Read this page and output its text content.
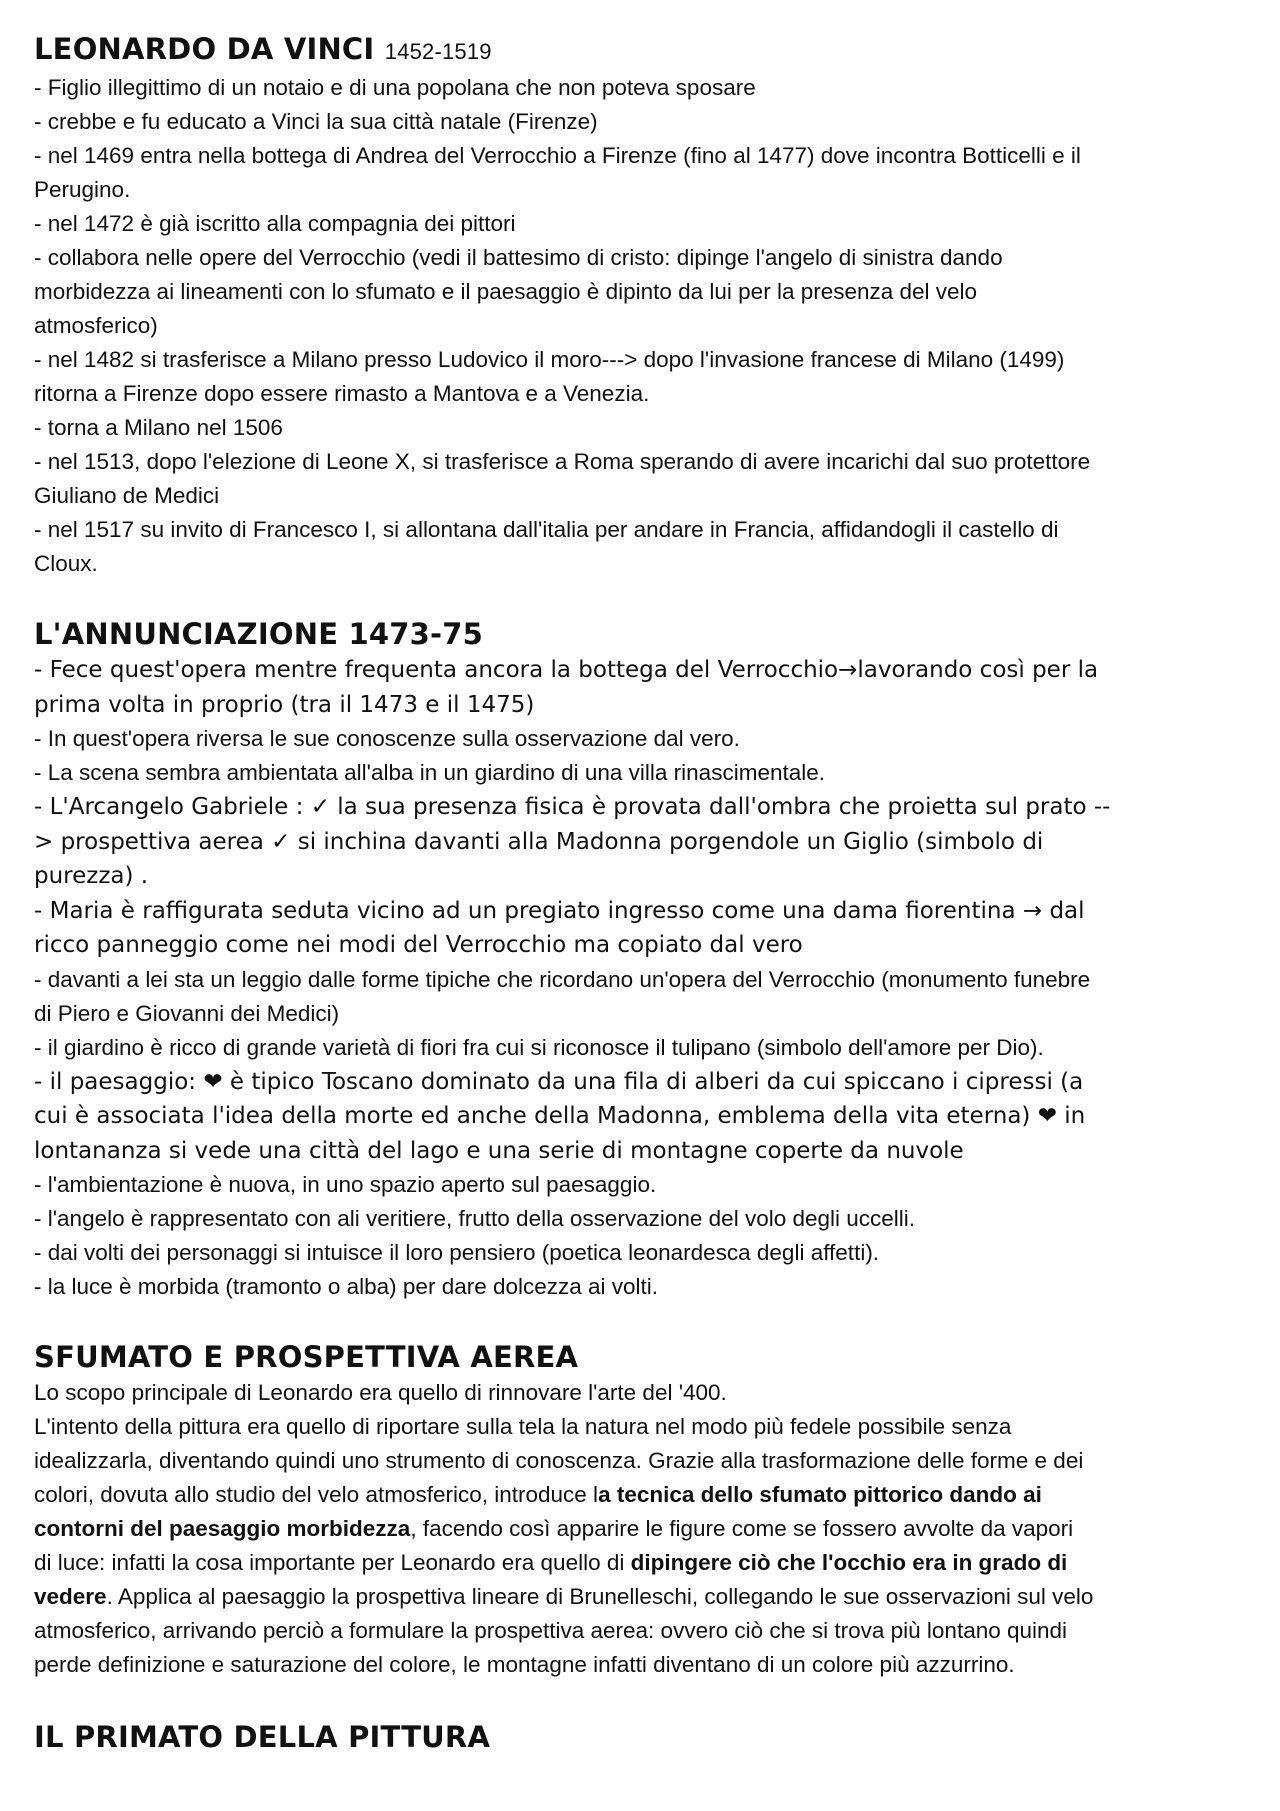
LEONARDO DA VINCI 1452-1519
- Figlio illegittimo di un notaio e di una popolana che non poteva sposare
- crebbe e fu educato a Vinci la sua città natale (Firenze)
- nel 1469 entra nella bottega di Andrea del Verrocchio a Firenze (fino al 1477) dove incontra Botticelli e il
Perugino.
- nel 1472 è già iscritto alla compagnia dei pittori
- collabora nelle opere del Verrocchio (vedi il battesimo di cristo: dipinge l'angelo di sinistra dando
morbidezza ai lineamenti con lo sfumato e il paesaggio è dipinto da lui per la presenza del velo
atmosferico)
- nel 1482 si trasferisce a Milano presso Ludovico il moro---> dopo l'invasione francese di Milano (1499)
ritorna a Firenze dopo essere rimasto a Mantova e a Venezia.
- torna a Milano nel 1506
- nel 1513, dopo l'elezione di Leone X, si trasferisce a Roma sperando di avere incarichi dal suo protettore
Giuliano de Medici
- nel 1517 su invito di Francesco I, si allontana dall'italia per andare in Francia, affidandogli il castello di
Cloux.
L'ANNUNCIAZIONE 1473-75
- Fece quest'opera mentre frequenta ancora la bottega del Verrocchio→lavorando così per la
prima volta in proprio (tra il 1473 e il 1475)
- In quest'opera riversa le sue conoscenze sulla osservazione dal vero.
- La scena sembra ambientata all'alba in un giardino di una villa rinascimentale.
- L'Arcangelo Gabriele : ✓ la sua presenza fisica è provata dall'ombra che proietta sul prato --
> prospettiva aerea ✓ si inchina davanti alla Madonna porgendole un Giglio (simbolo di
purezza) .
- Maria è raffigurata seduta vicino ad un pregiato ingresso come una dama fiorentina → dal
ricco panneggio come nei modi del Verrocchio ma copiato dal vero
- davanti a lei sta un leggio dalle forme tipiche che ricordano un'opera del Verrocchio (monumento funebre
di Piero e Giovanni dei Medici)
- il giardino è ricco di grande varietà di fiori fra cui si riconosce il tulipano (simbolo dell'amore per Dio).
- il paesaggio: ❤ è tipico Toscano dominato da una fila di alberi da cui spiccano i cipressi (a
cui è associata l'idea della morte ed anche della Madonna, emblema della vita eterna) ❤ in
lontananza si vede una città del lago e una serie di montagne coperte da nuvole
- l'ambientazione è nuova, in uno spazio aperto sul paesaggio.
- l'angelo è rappresentato con ali veritiere, frutto della osservazione del volo degli uccelli.
- dai volti dei personaggi si intuisce il loro pensiero (poetica leonardesca degli affetti).
- la luce è morbida (tramonto o alba) per dare dolcezza ai volti.
SFUMATO E PROSPETTIVA AEREA
Lo scopo principale di Leonardo era quello di rinnovare l'arte del '400.
L'intento della pittura era quello di riportare sulla tela la natura nel modo più fedele possibile senza
idealizzarla, diventando quindi uno strumento di conoscenza. Grazie alla trasformazione delle forme e dei
colori, dovuta allo studio del velo atmosferico, introduce la tecnica dello sfumato pittorico dando ai
contorni del paesaggio morbidezza, facendo così apparire le figure come se fossero avvolte da vapori
di luce: infatti la cosa importante per Leonardo era quello di dipingere ciò che l'occhio era in grado di
vedere. Applica al paesaggio la prospettiva lineare di Brunelleschi, collegando le sue osservazioni sul velo
atmosferico, arrivando perciò a formulare la prospettiva aerea: ovvero ciò che si trova più lontano quindi
perde definizione e saturazione del colore, le montagne infatti diventano di un colore più azzurrino.
IL PRIMATO DELLA PITTURA
